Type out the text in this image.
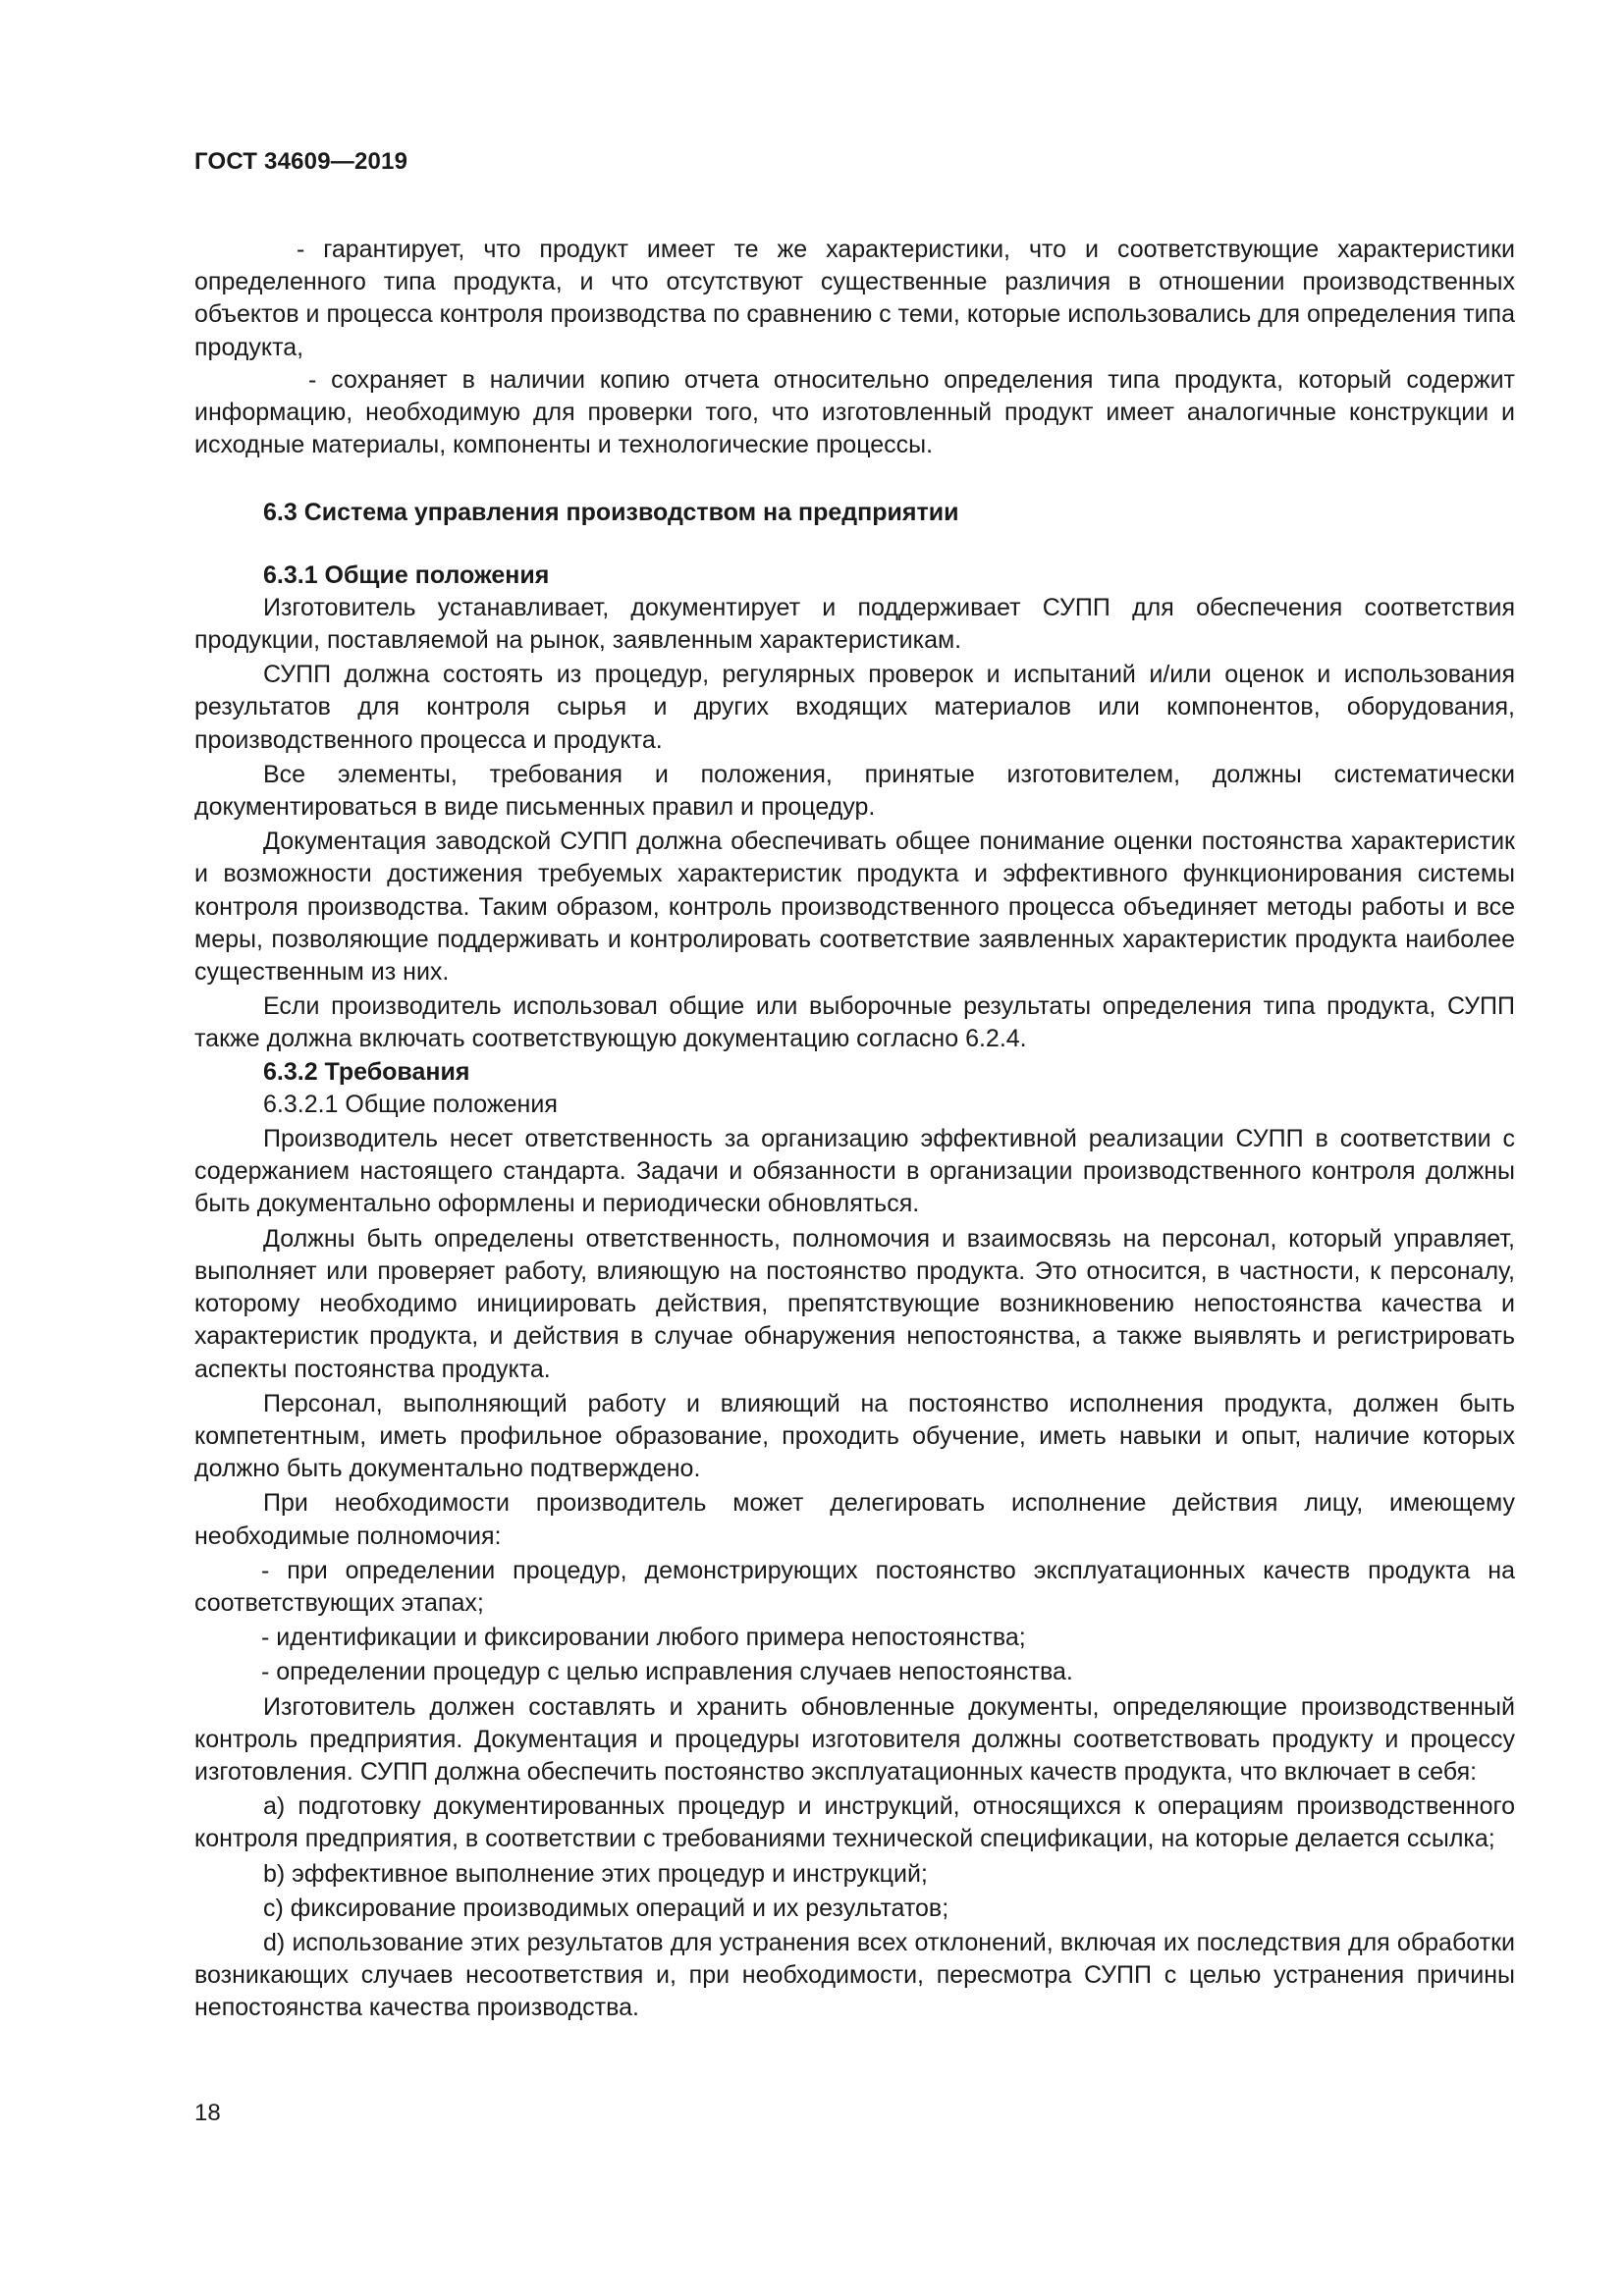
ГОСТ 34609—2019

- гарантирует, что продукт имеет те же характеристики, что и соответствующие характеристики определенного типа продукта, и что отсутствуют существенные различия в отношении производственных объектов и процесса контроля производства по сравнению с теми, которые использовались для определения типа продукта,

- сохраняет в наличии копию отчета относительно определения типа продукта, который содержит информацию, необходимую для проверки того, что изготовленный продукт имеет аналогичные конструкции и исходные материалы, компоненты и технологические процессы.

6.3 Система управления производством на предприятии
6.3.1 Общие положения

Изготовитель устанавливает, документирует и поддерживает СУПП для обеспечения соответствия продукции, поставляемой на рынок, заявленным характеристикам.

СУПП должна состоять из процедур, регулярных проверок и испытаний и/или оценок и использования результатов для контроля сырья и других входящих материалов или компонентов, оборудования, производственного процесса и продукта.

Все элементы, требования и положения, принятые изготовителем, должны систематически документироваться в виде письменных правил и процедур.

Документация заводской СУПП должна обеспечивать общее понимание оценки постоянства характеристик и возможности достижения требуемых характеристик продукта и эффективного функционирования системы контроля производства. Таким образом, контроль производственного процесса объединяет методы работы и все меры, позволяющие поддерживать и контролировать соответствие заявленных характеристик продукта наиболее существенным из них.

Если производитель использовал общие или выборочные результаты определения типа продукта, СУПП также должна включать соответствующую документацию согласно 6.2.4.

6.3.2 Требования
6.3.2.1 Общие положения

Производитель несет ответственность за организацию эффективной реализации СУПП в соответствии с содержанием настоящего стандарта. Задачи и обязанности в организации производственного контроля должны быть документально оформлены и периодически обновляться.

Должны быть определены ответственность, полномочия и взаимосвязь на персонал, который управляет, выполняет или проверяет работу, влияющую на постоянство продукта. Это относится, в частности, к персоналу, которому необходимо инициировать действия, препятствующие возникновению непостоянства качества и характеристик продукта, и действия в случае обнаружения непостоянства, а также выявлять и регистрировать аспекты постоянства продукта.

Персонал, выполняющий работу и влияющий на постоянство исполнения продукта, должен быть компетентным, иметь профильное образование, проходить обучение, иметь навыки и опыт, наличие которых должно быть документально подтверждено.

При необходимости производитель может делегировать исполнение действия лицу, имеющему необходимые полномочия:

- при определении процедур, демонстрирующих постоянство эксплуатационных качеств продукта на соответствующих этапах;

- идентификации и фиксировании любого примера непостоянства;

- определении процедур с целью исправления случаев непостоянства.

Изготовитель должен составлять и хранить обновленные документы, определяющие производственный контроль предприятия. Документация и процедуры изготовителя должны соответствовать продукту и процессу изготовления. СУПП должна обеспечить постоянство эксплуатационных качеств продукта, что включает в себя:

a) подготовку документированных процедур и инструкций, относящихся к операциям производственного контроля предприятия, в соответствии с требованиями технической спецификации, на которые делается ссылка;

b) эффективное выполнение этих процедур и инструкций;

c) фиксирование производимых операций и их результатов;

d) использование этих результатов для устранения всех отклонений, включая их последствия для обработки возникающих случаев несоответствия и, при необходимости, пересмотра СУПП с целью устранения причины непостоянства качества производства.

18
